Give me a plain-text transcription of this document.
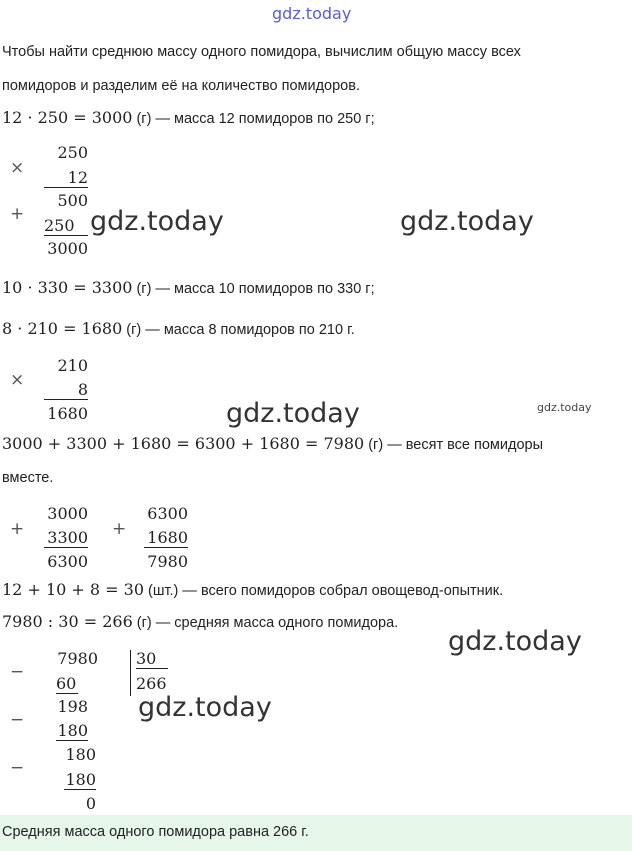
gdz.today
Чтобы найти среднюю массу одного помидора, вычислим общую массу всех
помидоров и разделим её на количество помидоров.
12 · 250 = 3000 (г) — масса 12 помидоров по 250 г;
×
250
12
500
+
250
3000
gdz.today	gdz.today
10 · 330 = 3300 (г) — масса 10 помидоров по 330 г;
8 · 210 = 1680 (г) — масса 8 помидоров по 210 г.
×
210
8
1680	gdz.today	gdz.today
3000 + 3300 + 1680 = 6300 + 1680 = 7980 (г) — весят все помидоры
вместе.
+
3000
3300
6300
+
6300
1680
7980
12 + 10 + 8 = 30 (шт.) — всего помидоров собрал овощевод-опытник.
7980 : 30 = 266 (г) — средняя масса одного помидора.
gdz.today
−
7980 30
266
60
198
−
180
gdz.today
180
−
180
0
Средняя масса одного помидора равна 266 г.
